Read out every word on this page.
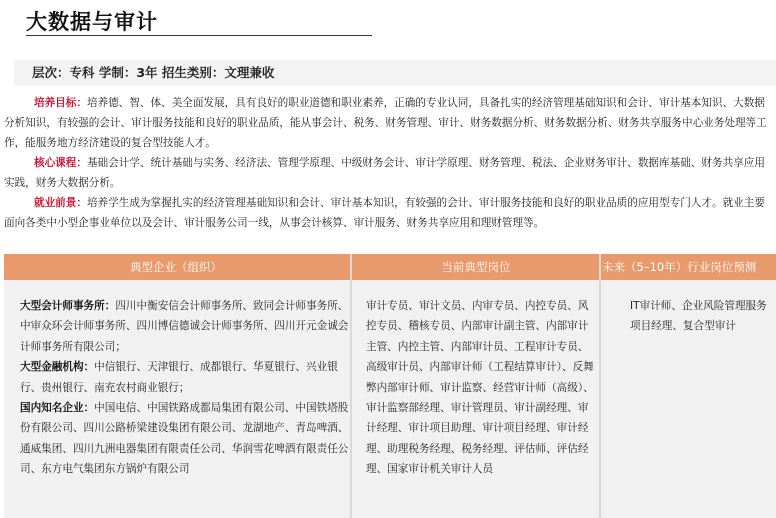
大数据与审计
层次：专科 学制：3年 招生类别：文理兼收

培养目标：培养德、智、体、美全面发展，具有良好的职业道德和职业素养，正确的专业认同，具备扎实的经济管理基础知识和会计、审计基本知识、大数据分析知识，有较强的会计、审计服务技能和良好的职业品质，能从事会计、税务、财务管理、审计、财务数据分析、财务数据分析、财务共享服务中心业务处理等工作，能服务地方经济建设的复合型技能人才。

核心课程：基础会计学、统计基础与实务、经济法、管理学原理、中级财务会计、审计学原理、财务管理、税法、企业财务审计、数据库基础、财务共享应用实践，财务大数据分析。

就业前景：培养学生成为掌握扎实的经济管理基础知识和会计、审计基本知识，有较强的会计、审计服务技能和良好的职业品质的应用型专门人才。就业主要面向各类中小型企事业单位以及会计、审计服务公司一线，从事会计核算、审计服务、财务共享应用和理财管理等。

典型企业（组织）	当前典型岗位	未来（5–10年）行业岗位预测
大型会计师事务所：四川中衡安信会计师事务所、致同会计师事务所、中审众环会计师事务所、四川博信德诚会计师事务所、四川开元金诚会计师事务所有限公司；
大型金融机构：中信银行、天津银行、成都银行、华夏银行、兴业银行、贵州银行、南充农村商业银行；
国内知名企业：中国电信、中国铁路成都局集团有限公司、中国铁塔股份有限公司、四川公路桥梁建设集团有限公司、龙湖地产、青岛啤酒、通威集团、四川九洲电器集团有限责任公司、华润雪花啤酒有限责任公司、东方电气集团东方锅炉有限公司
审计专员、审计文员、内审专员、内控专员、风控专员、稽核专员、内部审计副主管、内部审计主管、内控主管、内部审计员、工程审计专员、高级审计员、内部审计师（工程结算审计）、反舞弊内部审计师、审计监察、经营审计师（高级）、审计监察部经理、审计管理员、审计副经理、审计经理、审计项目助理、审计项目经理、审计经理、助理税务经理、税务经理、评估师、评估经理、国家审计机关审计人员
IT审计师、企业风险管理服务项目经理、复合型审计
